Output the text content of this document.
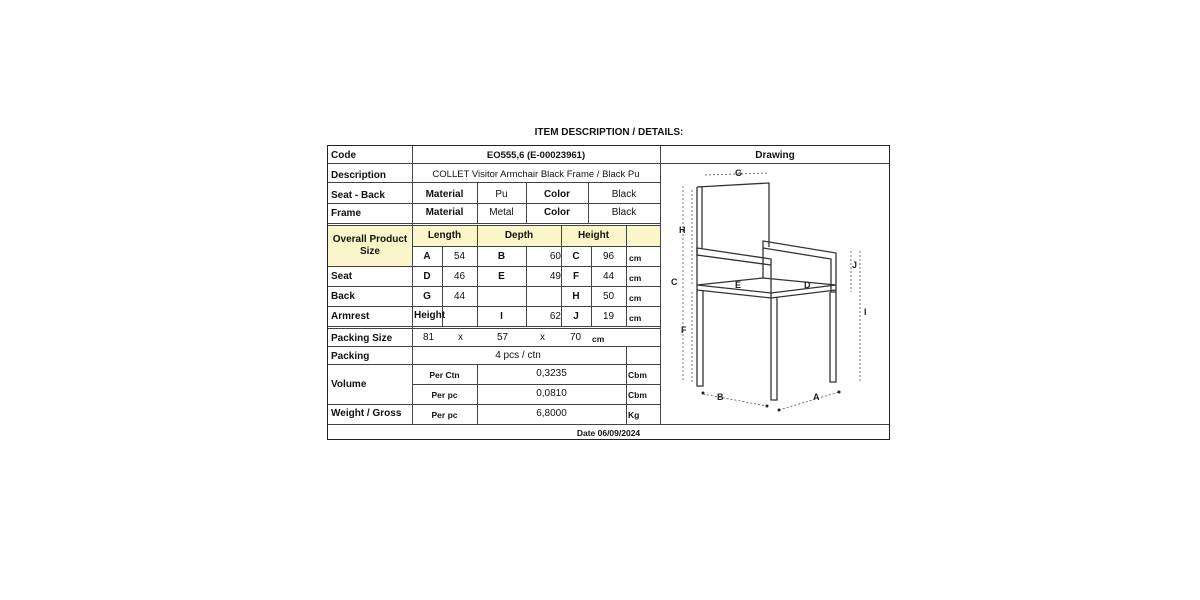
ITEM DESCRIPTION / DETAILS:
Code	EO555,6 (E-00023961)	Drawing
Description	COLLET Visitor Armchair Black Frame / Black Pu
Seat - Back	Material	Pu	Color	Black
Frame	Material	Metal	Color	Black
Overall Product
Size
Length	Depth	Height
A	54	B	60	C	96	cm
Seat	D	46	E	49	F	44	cm
Back	G	44	H	50	cm
Armrest	Height	I	62	J	19	cm
Packing Size	81 x	57	x	70 cm
Packing	4 pcs / ctn
Volume
Per Ctn	0,3235	Cbm
Per pc	0,0810	Cbm
Weight / Gross	Per pc	6,8000	Kg
Date 06/09/2024
G
H
C
F
E	D
J
I
B	A
